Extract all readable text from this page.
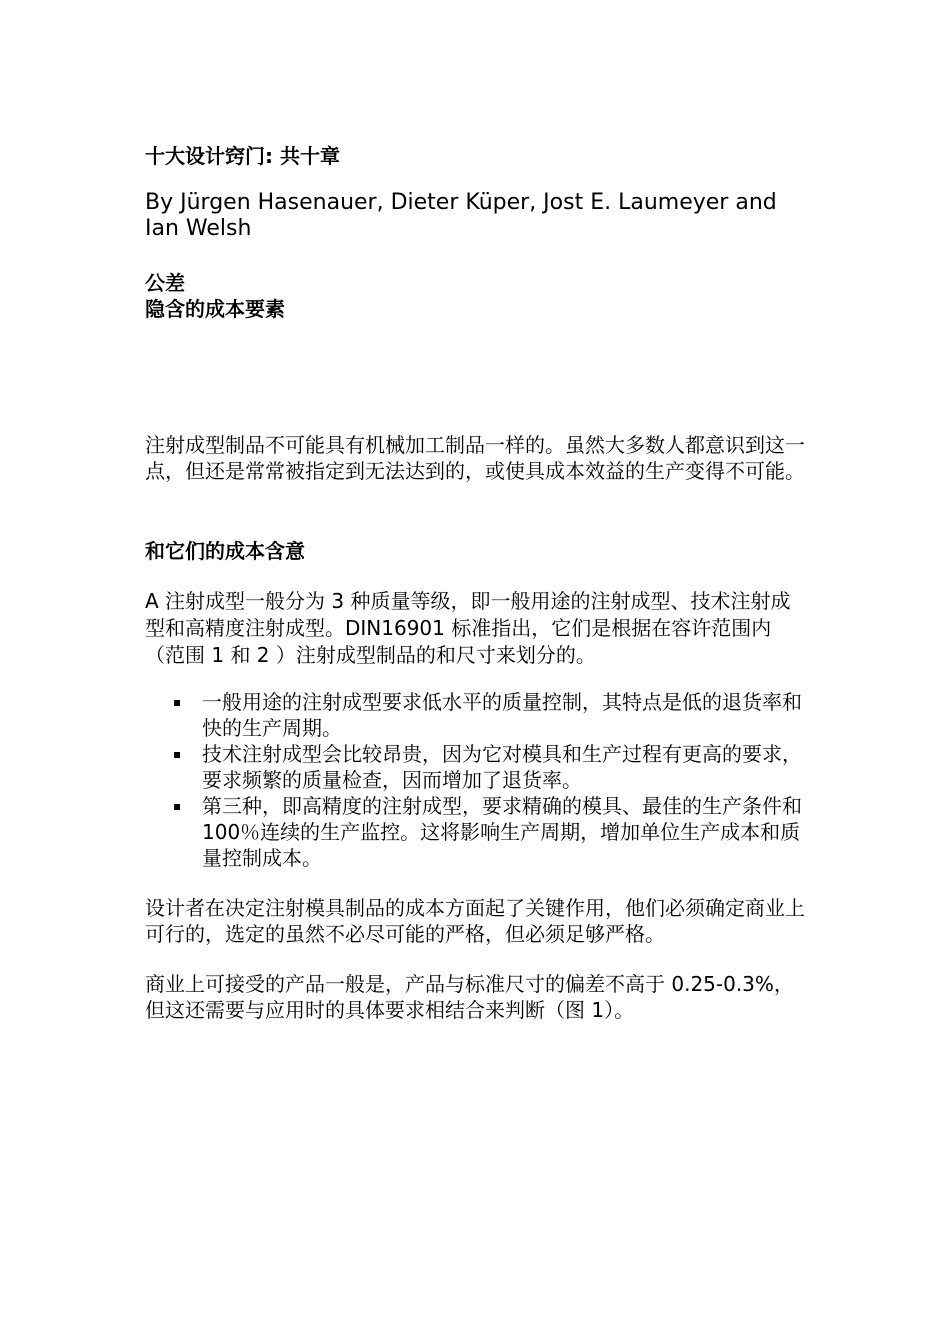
十大设计窍门: 共十章

By Jürgen Hasenauer, Dieter Küper, Jost E. Laumeyer and Ian Welsh

公差

隐含的成本要素

注射成型制品不可能具有机械加工制品一样的。虽然大多数人都意识到这一点，但还是常常被指定到无法达到的，或使具成本效益的生产变得不可能。

和它们的成本含意

A 注射成型一般分为 3 种质量等级，即一般用途的注射成型、技术注射成型和高精度注射成型。DIN16901 标准指出，它们是根据在容许范围内（范围 1 和 2 ）注射成型制品的和尺寸来划分的。

▪ 一般用途的注射成型要求低水平的质量控制，其特点是低的退货率和快的生产周期。
▪ 技术注射成型会比较昂贵，因为它对模具和生产过程有更高的要求，要求频繁的质量检查，因而增加了退货率。
▪ 第三种，即高精度的注射成型，要求精确的模具、最佳的生产条件和 100％连续的生产监控。这将影响生产周期，增加单位生产成本和质量控制成本。

设计者在决定注射模具制品的成本方面起了关键作用，他们必须确定商业上可行的，选定的虽然不必尽可能的严格，但必须足够严格。

商业上可接受的产品一般是，产品与标准尺寸的偏差不高于 0.25-0.3%，但这还需要与应用时的具体要求相结合来判断（图 1）。
